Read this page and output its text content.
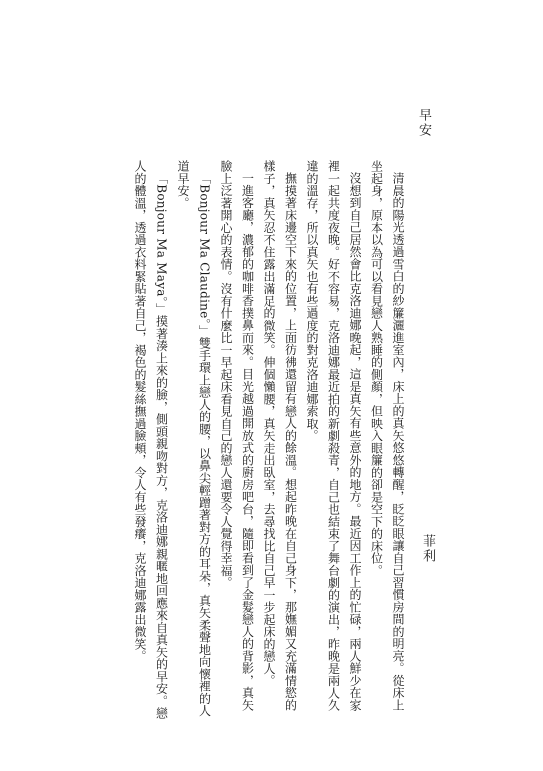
早安
菲利

清晨的陽光透過雪白的紗簾灑進室內，床上的真矢悠悠轉醒，眨眨眼讓自己習慣房間的明亮。從床上坐起身，原本以為可以看見戀人熟睡的側顏，但映入眼簾的卻是空下的床位。

沒想到自己居然會比克洛迪娜晚起，這是真矢有些意外的地方。最近因工作上的忙碌，兩人鮮少在家裡一起共度夜晚。好不容易，克洛迪娜最近拍的新劇殺青，自己也結束了舞台劇的演出，昨晚是兩人久違的溫存，所以真矢也有些過度的對克洛迪娜索取。

撫摸著床邊空下來的位置，上面彷彿還留有戀人的餘溫。想起昨晚在自己身下，那嫵媚又充滿情慾的樣子，真矢忍不住露出滿足的微笑。伸個懶腰，真矢走出臥室，去尋找比自己早一步起床的戀人。

一進客廳，濃郁的咖啡香撲鼻而來。目光越過開放式的廚房吧台，隨即看到了金髮戀人的背影，真矢臉上泛著開心的表情。沒有什麼比一早起床看見自己的戀人還要令人覺得幸福。

「Bonjour Ma Claudine。」雙手環上戀人的腰，以鼻尖輕蹭著對方的耳朵，真矢柔聲地向懷裡的人道早安。

「Bonjour Ma Maya。」摸著湊上來的臉，側頭親吻對方，克洛迪娜親暱地回應來自真矢的早安。戀人的體溫，透過衣料緊貼著自己，褐色的髮絲撫過臉頰，令人有些發癢，克洛迪娜露出微笑。
